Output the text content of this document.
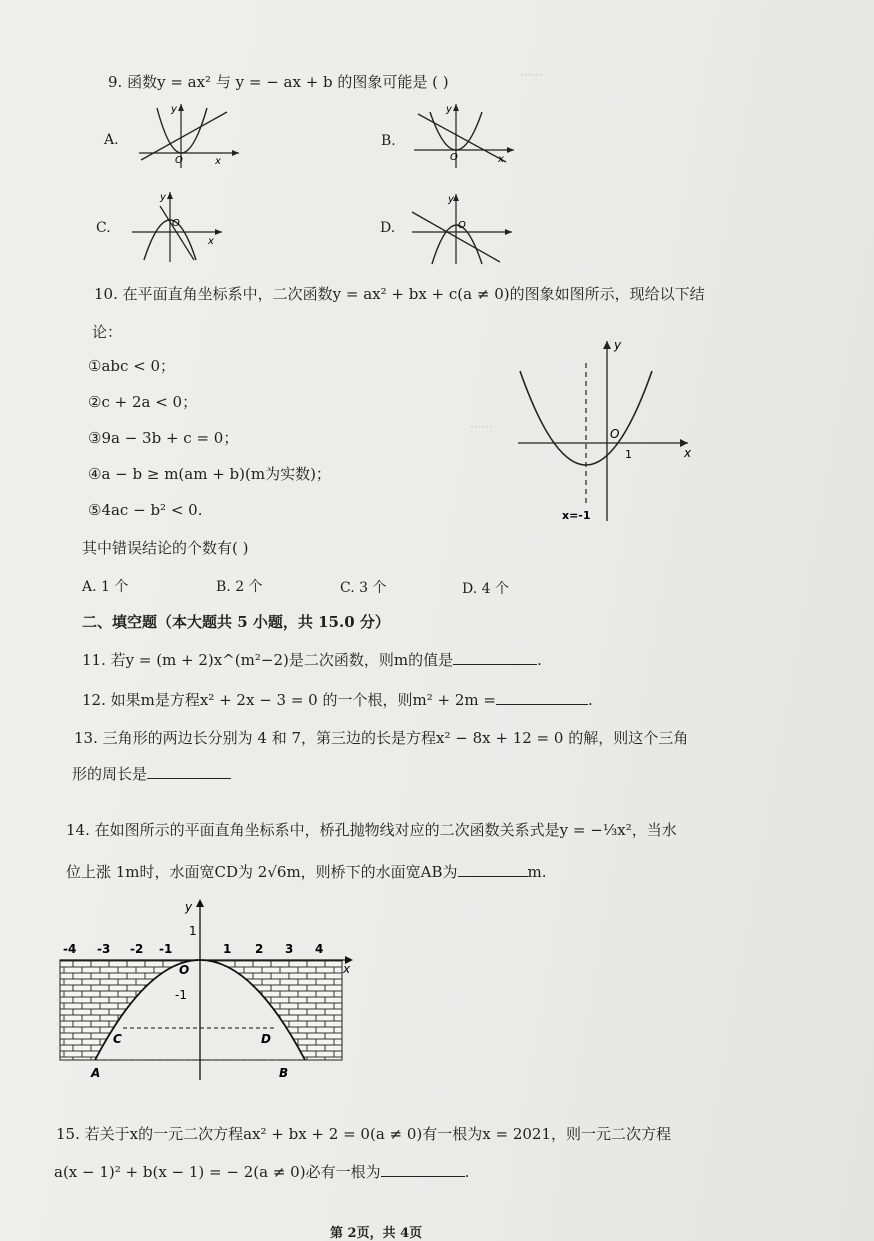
······
······
9. 函数y = ax² 与 y = − ax + b 的图象可能是 ( )
A.
y
O	x
B.
y
O	x
C.
y
O
x
D.
y
O
10. 在平面直角坐标系中，二次函数y = ax² + bx + c(a ≠ 0)的图象如图所示，现给以下结
论：
①abc < 0；
②c + 2a < 0；
③9a − 3b + c = 0；
④a − b ≥ m(am + b)(m为实数)；
⑤4ac − b² < 0.
y
x
O
1
x=-1
其中错误结论的个数有( )
A. 1 个	B. 2 个	C. 3 个	D. 4 个
二、填空题（本大题共 5 小题，共 15.0 分）
11. 若y = (m + 2)x^(m²−2)是二次函数，则m的值是	.
12. 如果m是方程x² + 2x − 3 = 0 的一个根，则m² + 2m =	.
13. 三角形的两边长分别为 4 和 7，第三边的长是方程x² − 8x + 12 = 0 的解，则这个三角
形的周长是
14. 在如图所示的平面直角坐标系中，桥孔抛物线对应的二次函数关系式是y = −⅓x²，当水
位上涨 1m时，水面宽CD为 2√6m，则桥下的水面宽AB为	m.
-4 -3 -2 -1	1 2 3 4
y
1
-1
O	x
C	D
A	B
15. 若关于x的一元二次方程ax² + bx + 2 = 0(a ≠ 0)有一根为x = 2021，则一元二次方程
a(x − 1)² + b(x − 1) = − 2(a ≠ 0)必有一根为	.
第 2页，共 4页
